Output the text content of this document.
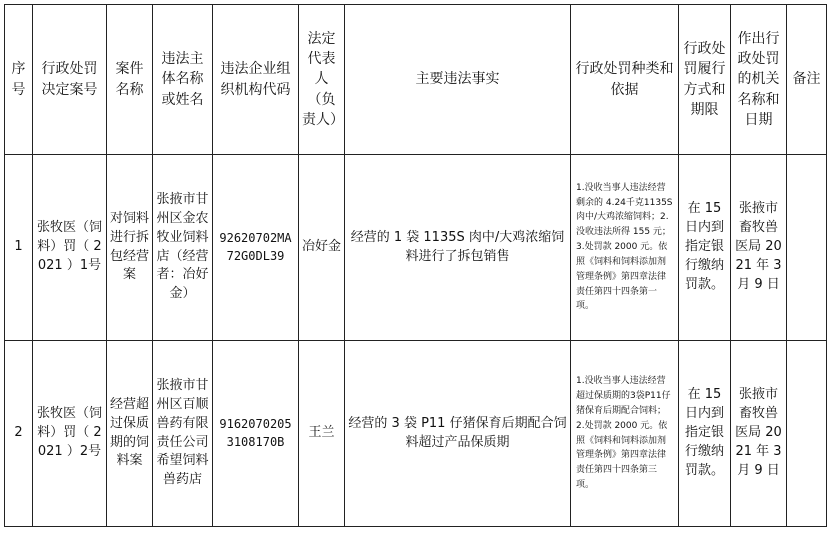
序号	行政处罚决定案号	案件名称	违法主体名称或姓名	违法企业组织机构代码	法定代表人（负责人）	主要违法事实	行政处罚种类和依据	行政处罚履行方式和期限	作出行政处罚的机关名称和日期	备注
1	张牧医（饲料）罚（ 2021 ）1号	对饲料进行拆包经营案	张掖市甘州区金农牧业饲料店（经营者：冶好金）	92620702MA72G0DL39	冶好金	经营的 1 袋 1135S 肉中/大鸡浓缩饲料进行了拆包销售	1.没收当事人违法经营剩余的 4.24千克1135S肉中/大鸡浓缩饲料；2.没收违法所得 155 元；3.处罚款 2000 元。依照《饲料和饲料添加剂管理条例》第四章法律责任第四十四条第一项。	在 15日内到指定银行缴纳罚款。	张掖市畜牧兽医局 2021 年 3 月 9 日	
2	张牧医（饲料）罚（ 2021 ）2号	经营超过保质期的饲料案	张掖市甘州区百顺兽药有限责任公司希望饲料兽药店	91620702053108170B	王兰	经营的 3 袋 P11 仔猪保育后期配合饲料超过产品保质期	1.没收当事人违法经营超过保质期的3袋P11仔猪保育后期配合饲料；2.处罚款 2000 元。依照《饲料和饲料添加剂管理条例》第四章法律责任第四十四条第三项。	在 15日内到指定银行缴纳罚款。	张掖市畜牧兽医局 2021 年 3 月 9 日	
